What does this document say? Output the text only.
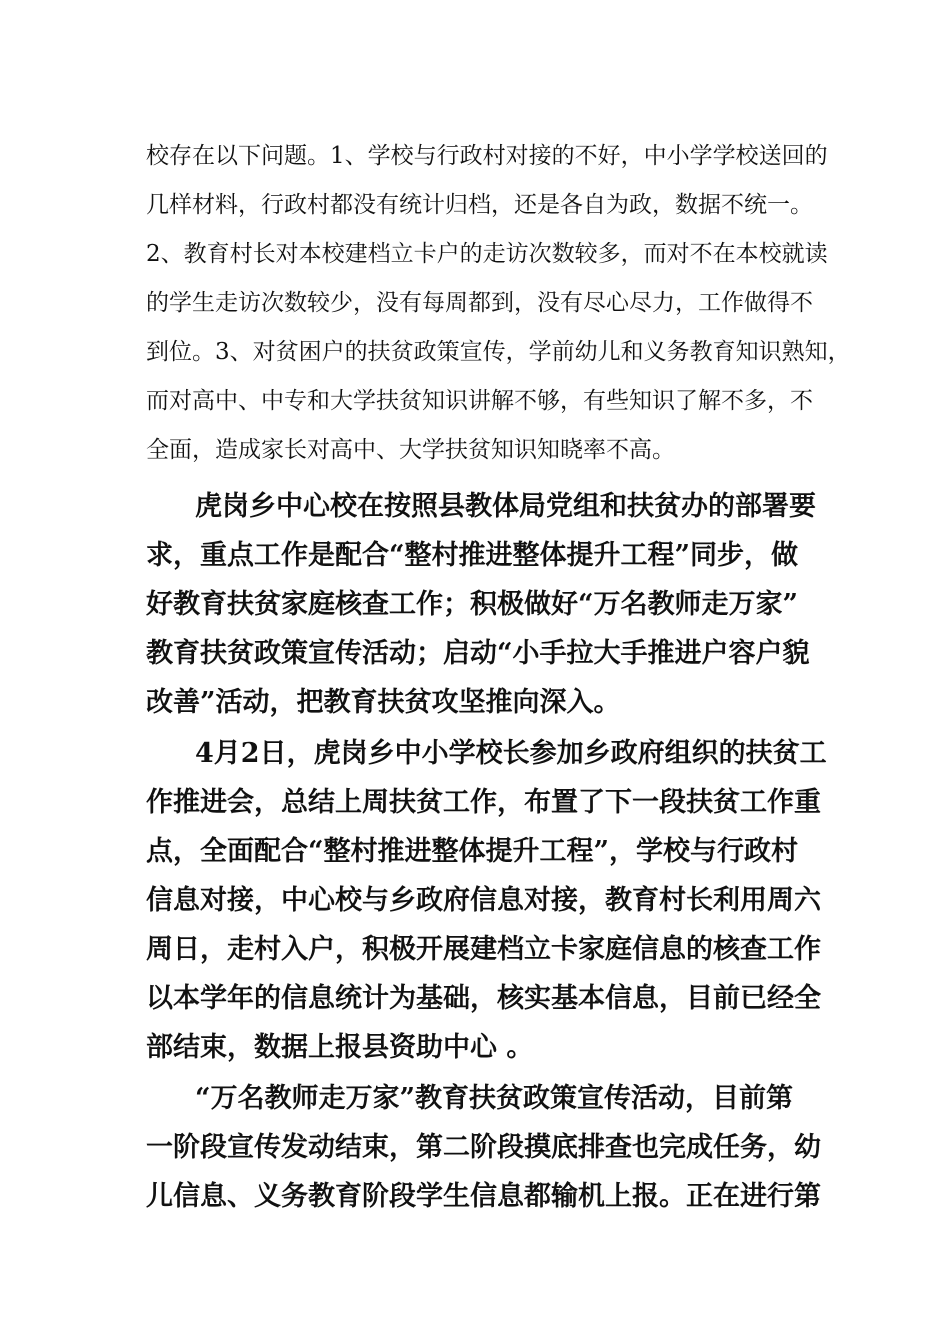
校存在以下问题。1、学校与行政村对接的不好，中小学学校送回的

几样材料，行政村都没有统计归档，还是各自为政，数据不统一。

2、教育村长对本校建档立卡户的走访次数较多，而对不在本校就读

的学生走访次数较少，没有每周都到，没有尽心尽力，工作做得不

到位。3、对贫困户的扶贫政策宣传，学前幼儿和义务教育知识熟知，

而对高中、中专和大学扶贫知识讲解不够，有些知识了解不多，不

全面，造成家长对高中、大学扶贫知识知晓率不高。

虎岗乡中心校在按照县教体局党组和扶贫办的部署要

求，重点工作是配合“整村推进整体提升工程”同步，做

好教育扶贫家庭核查工作；积极做好“万名教师走万家”

教育扶贫政策宣传活动；启动“小手拉大手推进户容户貌

改善”活动，把教育扶贫攻坚推向深入。

4月2日，虎岗乡中小学校长参加乡政府组织的扶贫工

作推进会，总结上周扶贫工作，布置了下一段扶贫工作重

点，全面配合“整村推进整体提升工程”，学校与行政村

信息对接，中心校与乡政府信息对接，教育村长利用周六

周日，走村入户，积极开展建档立卡家庭信息的核查工作

以本学年的信息统计为基础，核实基本信息，目前已经全

部结束，数据上报县资助中心 。

“万名教师走万家”教育扶贫政策宣传活动，目前第

一阶段宣传发动结束，第二阶段摸底排查也完成任务，幼

儿信息、义务教育阶段学生信息都输机上报。正在进行第
